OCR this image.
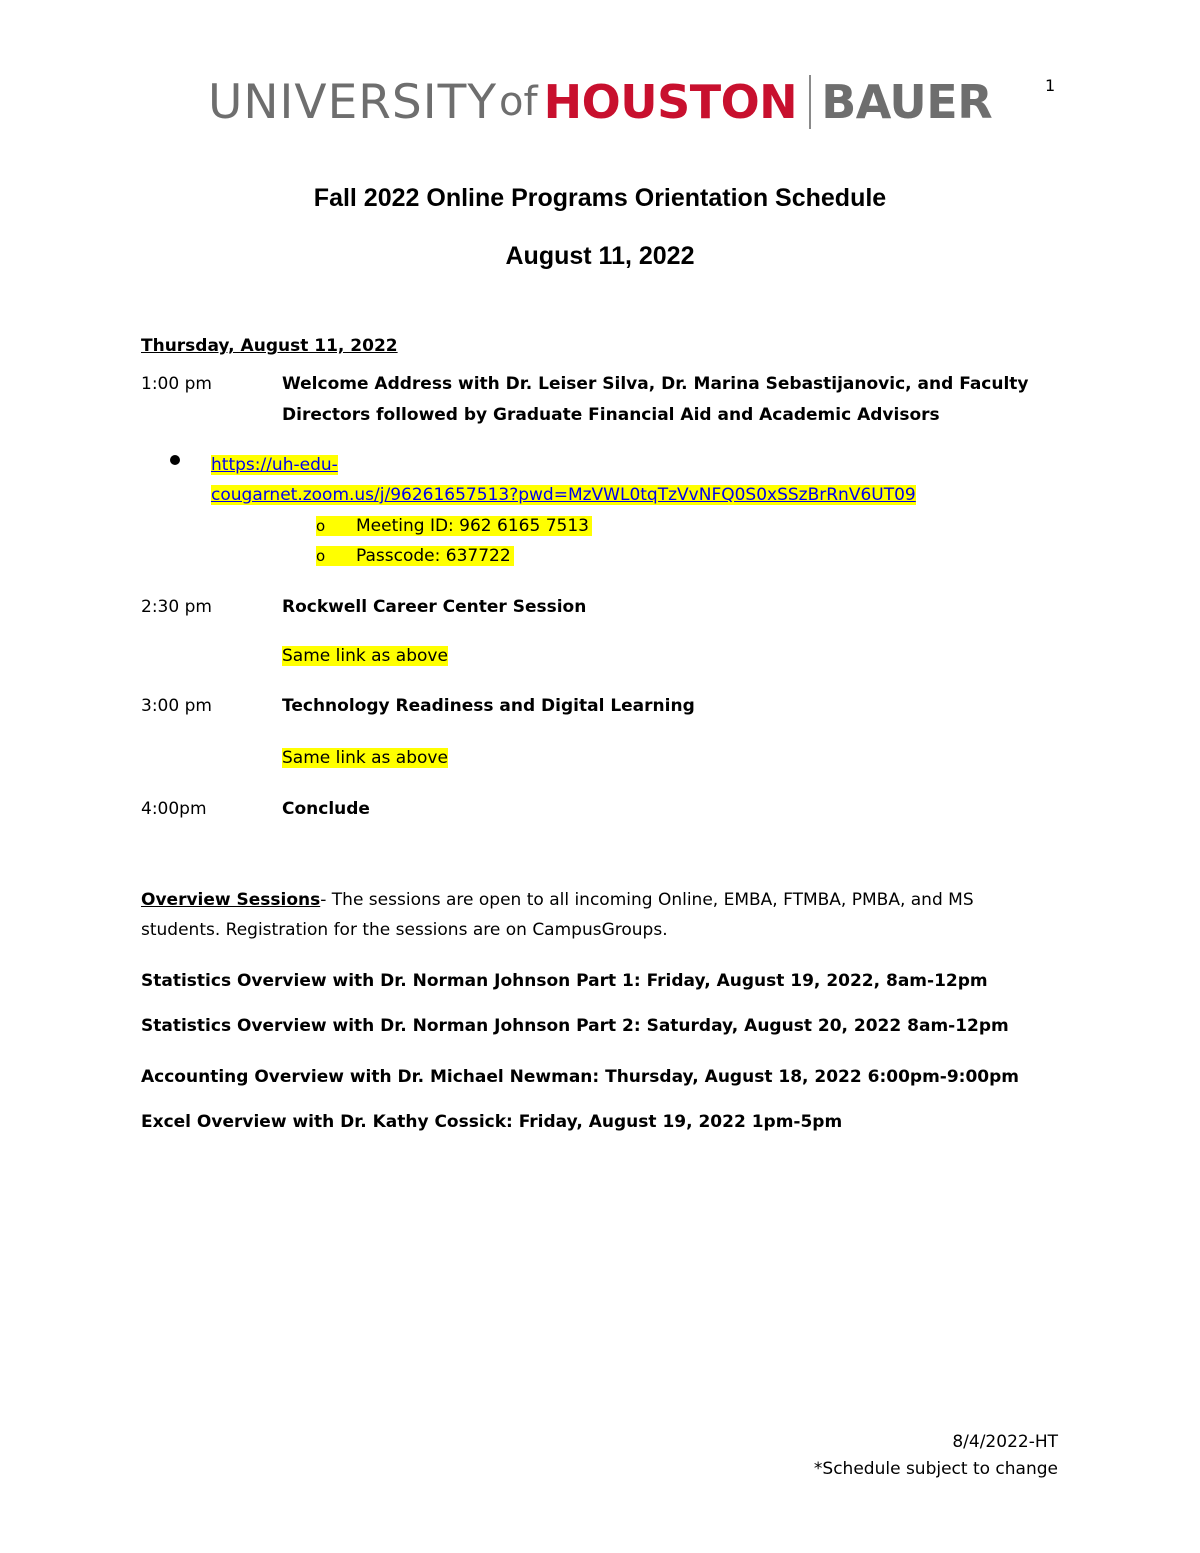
UNIVERSITY of HOUSTON BAUER	1
Fall 2022 Online Programs Orientation Schedule
August 11, 2022
Thursday, August 11, 2022
1:00 pm	Welcome Address with Dr. Leiser Silva, Dr. Marina Sebastijanovic, and Faculty
Directors followed by Graduate Financial Aid and Academic Advisors
https://uh-edu-
cougarnet.zoom.us/j/96261657513?pwd=MzVWL0tqTzVvNFQ0S0xSSzBrRnV6UT09
o Meeting ID: 962 6165 7513
o Passcode: 637722
2:30 pm	Rockwell Career Center Session
Same link as above
3:00 pm	Technology Readiness and Digital Learning
Same link as above
4:00pm	Conclude
Overview Sessions- The sessions are open to all incoming Online, EMBA, FTMBA, PMBA, and MS
students. Registration for the sessions are on CampusGroups.
Statistics Overview with Dr. Norman Johnson Part 1: Friday, August 19, 2022, 8am-12pm
Statistics Overview with Dr. Norman Johnson Part 2: Saturday, August 20, 2022 8am-12pm
Accounting Overview with Dr. Michael Newman: Thursday, August 18, 2022 6:00pm-9:00pm
Excel Overview with Dr. Kathy Cossick: Friday, August 19, 2022 1pm-5pm
8/4/2022-HT
*Schedule subject to change
